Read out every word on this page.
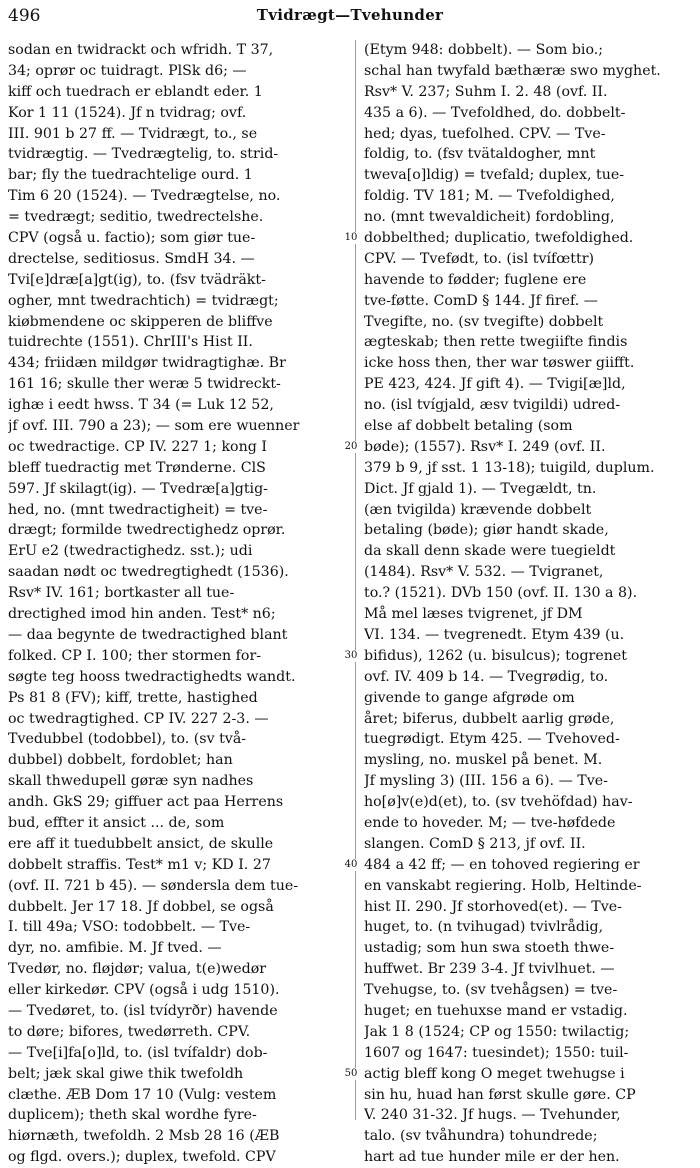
496	Tvidrægt—Tvehunder
sodan en twidrackt och wfridh. T 37,
34; oprør oc tuidragt. PlSk d6; —
kiff och tuedrach er eblandt eder. 1
Kor 1 11 (1524). Jf n tvidrag; ovf.
III. 901 b 27 ff. — Tvidrægt, to., se
tvidrægtig. — Tvedrægtelig, to. strid-
bar; fly the tuedrachtelige ourd. 1
Tim 6 20 (1524). — Tvedrægtelse, no.
= tvedrægt; seditio, twedrectelshe.
CPV (også u. factio); som giør tue-
drectelse, seditiosus. SmdH 34. —
Tvi[e]dræ[a]gt(ig), to. (fsv tvädräkt-
ogher, mnt twedrachtich) = tvidrægt;
kiøbmendene oc skipperen de bliffve
tuidrechte (1551). ChrIII's Hist II.
434; friidæn mildgør twidragtighæ. Br
161 16; skulle ther weræ 5 twidreckt-
ighæ i eedt hwss. T 34 (= Luk 12 52,
jf ovf. III. 790 a 23); — som ere wuenner
oc twedractige. CP IV. 227 1; kong I
bleff tuedractig met Trønderne. ClS
597. Jf skilagt(ig). — Tvedræ[a]gtig-
hed, no. (mnt twedractigheit) = tve-
drægt; formilde twedrectighedz oprør.
ErU e2 (twedractighedz. sst.); udi
saadan nødt oc twedregtighedt (1536).
Rsv* IV. 161; bortkaster all tue-
drectighed imod hin anden. Test* n6;
— daa begynte de twedractighed blant
folked. CP I. 100; ther stormen for-
søgte teg hooss twedractighedts wandt.
Ps 81 8 (FV); kiff, trette, hastighed
oc twedragtighed. CP IV. 227 2-3. —
Tvedubbel (todobbel), to. (sv två-
dubbel) dobbelt, fordoblet; han
skall thwedupell gøræ syn nadhes
andh. GkS 29; giffuer act paa Herrens
bud, effter it ansict ... de, som
ere aff it tuedubbelt ansict, de skulle
dobbelt straffis. Test* m1 v; KD I. 27
(ovf. II. 721 b 45). — søndersla dem tue-
dubbelt. Jer 17 18. Jf dobbel, se også
I. till 49a; VSO: todobbelt. — Tve-
dyr, no. amfibie. M. Jf tved. —
Tvedør, no. fløjdør; valua, t(e)wedør
eller kirkedør. CPV (også i udg 1510).
— Tvedøret, to. (isl tvídyrðr) havende
to døre; bifores, twedørreth. CPV.
— Tve[i]fa[o]ld, to. (isl tvífaldr) dob-
belt; jæk skal giwe thik twefoldh
clæthe. ÆB Dom 17 10 (Vulg: vestem
duplicem); theth skal wordhe fyre-
hiørnæth, twefoldh. 2 Msb 28 16 (ÆB
og flgd. overs.); duplex, twefold. CPV
(Etym 948: dobbelt). — Som bio.;
schal han twyfald bæthæræ swo myghet.
Rsv* V. 237; Suhm I. 2. 48 (ovf. II.
435 a 6). — Tvefoldhed, do. dobbelt-
hed; dyas, tuefolhed. CPV. — Tve-
foldig, to. (fsv tvätaldogher, mnt
tweva[o]ldig) = tvefald; duplex, tue-
foldig. TV 181; M. — Tvefoldighed,
no. (mnt twevaldicheit) fordobling,
dobbelthed; duplicatio, twefoldighed.
CPV. — Tvefødt, to. (isl tvífœttr)
havende to fødder; fuglene ere
tve-føtte. ComD § 144. Jf firef. —
Tvegifte, no. (sv tvegifte) dobbelt
ægteskab; then rette twegiifte findis
icke hoss then, ther war tøswer giifft.
PE 423, 424. Jf gift 4). — Tvigi[æ]ld,
no. (isl tvígjald, æsv tvigildi) udred-
else af dobbelt betaling (som
bøde); (1557). Rsv* I. 249 (ovf. II.
379 b 9, jf sst. 1 13-18); tuigild, duplum.
Dict. Jf gjald 1). — Tvegældt, tn.
(æn tvigilda) krævende dobbelt
betaling (bøde); giør handt skade,
da skall denn skade were tuegieldt
(1484). Rsv* V. 532. — Tvigranet,
to.? (1521). DVb 150 (ovf. II. 130 a 8).
Må mel læses tvigrenet, jf DM
VI. 134. — tvegrenedt. Etym 439 (u.
bifidus), 1262 (u. bisulcus); togrenet
ovf. IV. 409 b 14. — Tvegrødig, to.
givende to gange afgrøde om
året; biferus, dubbelt aarlig grøde,
tuegrødigt. Etym 425. — Tvehoved-
mysling, no. muskel på benet. M.
Jf mysling 3) (III. 156 a 6). — Tve-
ho[ø]v(e)d(et), to. (sv tvehöfdad) hav-
ende to hoveder. M; — tve-høfdede
slangen. ComD § 213, jf ovf. II.
484 a 42 ff; — en tohoved regiering er
en vanskabt regiering. Holb, Heltinde-
hist II. 290. Jf storhoved(et). — Tve-
huget, to. (n tvihugad) tvivlrådig,
ustadig; som hun swa stoeth thwe-
huffwet. Br 239 3-4. Jf tvivlhuet. —
Tvehugse, to. (sv tvehågsen) = tve-
huget; en tuehuxse mand er vstadig.
Jak 1 8 (1524; CP og 1550: twilactig;
1607 og 1647: tuesindet); 1550: tuil-
actig bleff kong O meget twehugse i
sin hu, huad han først skulle gøre. CP
V. 240 31-32. Jf hugs. — Tvehunder,
talo. (sv tvåhundra) tohundrede;
hart ad tue hunder mile er der hen.
10
20
30
40
50
